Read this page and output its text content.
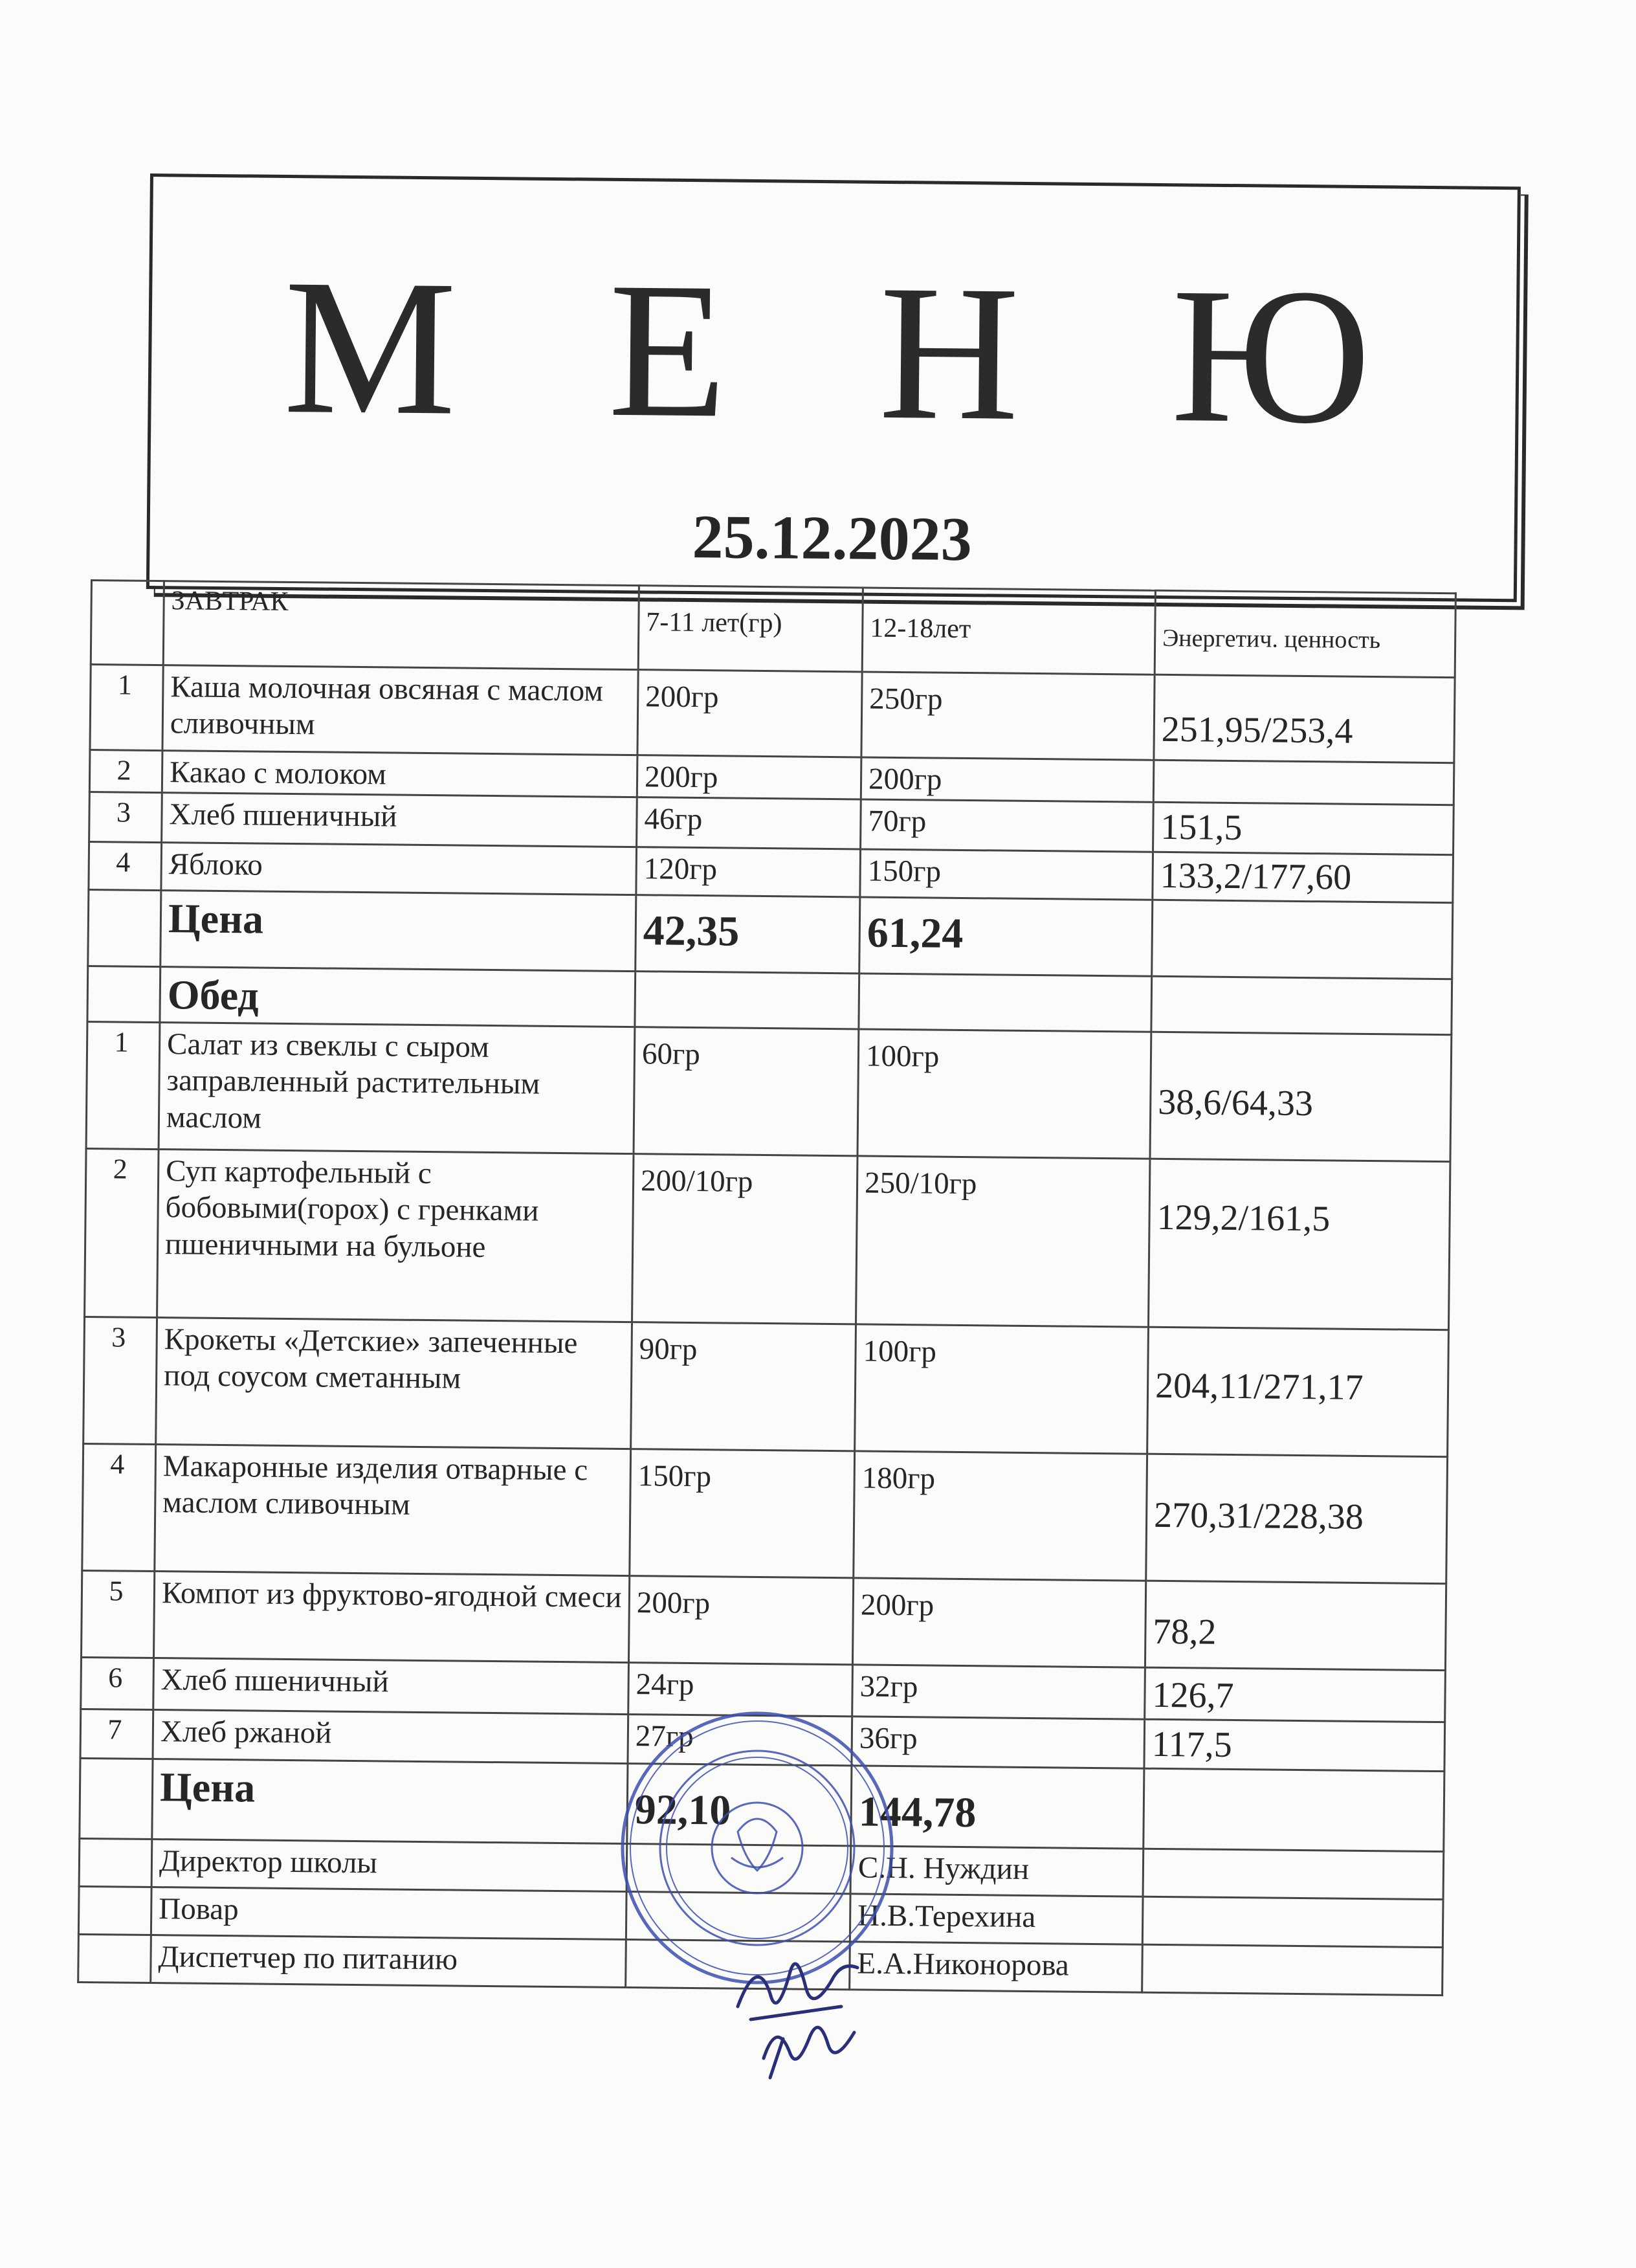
М Е Н Ю
25.12.2023
	ЗАВТРАК	7-11 лет(гр)	12-18лет	Энергетич. ценность
1	Каша молочная овсяная с маслом сливочным	200гр	250гр	251,95/253,4
2	Какао с молоком	200гр	200гр	
3	Хлеб пшеничный	46гр	70гр	151,5
4	Яблоко	120гр	150гр	133,2/177,60
	Цена	42,35	61,24	
	Обед			
1	Салат из свеклы с сыром заправленный растительным маслом	60гр	100гр	38,6/64,33
2	Суп картофельный с бобовыми(горох) с гренками пшеничными на бульоне	200/10гр	250/10гр	129,2/161,5
3	Крокеты «Детские» запеченные под соусом сметанным	90гр	100гр	204,11/271,17
4	Макаронные изделия отварные с маслом сливочным	150гр	180гр	270,31/228,38
5	Компот из фруктово-ягодной смеси	200гр	200гр	78,2
6	Хлеб пшеничный	24гр	32гр	126,7
7	Хлеб ржаной	27гр	36гр	117,5
	Цена	92,10	144,78	
	Директор школы		С.Н. Нуждин	
	Повар		Н.В.Терехина	
	Диспетчер по питанию		Е.А.Никонорова	
